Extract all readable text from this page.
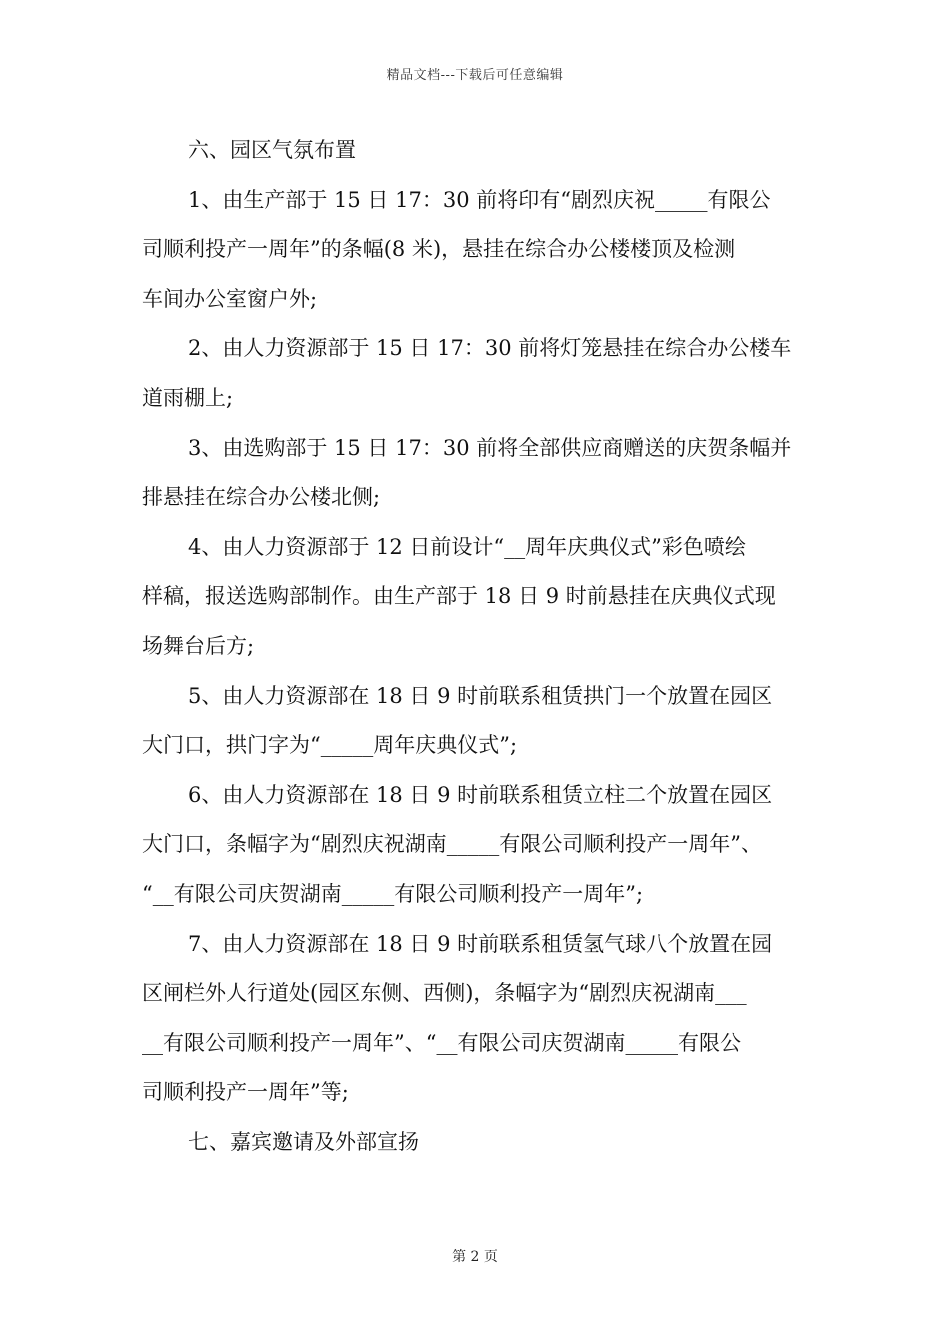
精品文档---下载后可任意编辑
六、园区气氛布置
1、由生产部于 15 日 17：30 前将印有“剧烈庆祝_____有限公
司顺利投产一周年”的条幅(8 米)，悬挂在综合办公楼楼顶及检测
车间办公室窗户外;
2、由人力资源部于 15 日 17：30 前将灯笼悬挂在综合办公楼车
道雨棚上;
3、由选购部于 15 日 17：30 前将全部供应商赠送的庆贺条幅并
排悬挂在综合办公楼北侧;
4、由人力资源部于 12 日前设计“__周年庆典仪式”彩色喷绘
样稿，报送选购部制作。由生产部于 18 日 9 时前悬挂在庆典仪式现
场舞台后方;
5、由人力资源部在 18 日 9 时前联系租赁拱门一个放置在园区
大门口，拱门字为“_____周年庆典仪式”;
6、由人力资源部在 18 日 9 时前联系租赁立柱二个放置在园区
大门口，条幅字为“剧烈庆祝湖南_____有限公司顺利投产一周年”、
“__有限公司庆贺湖南_____有限公司顺利投产一周年”;
7、由人力资源部在 18 日 9 时前联系租赁氢气球八个放置在园
区闸栏外人行道处(园区东侧、西侧)，条幅字为“剧烈庆祝湖南___
__有限公司顺利投产一周年”、“__有限公司庆贺湖南_____有限公
司顺利投产一周年”等;
七、嘉宾邀请及外部宣扬
第 2 页
